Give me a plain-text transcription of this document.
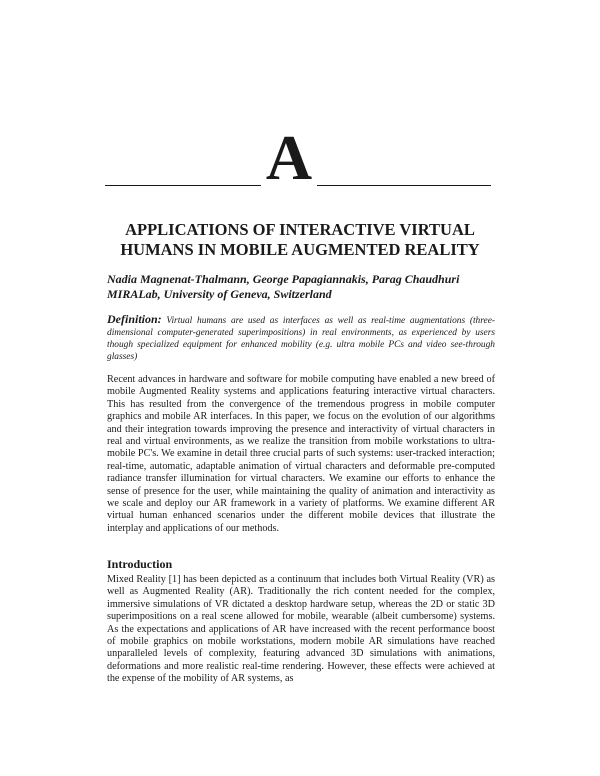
A
APPLICATIONS OF INTERACTIVE VIRTUAL
HUMANS IN MOBILE AUGMENTED REALITY
Nadia Magnenat-Thalmann, George Papagiannakis, Parag Chaudhuri
MIRALab, University of Geneva, Switzerland
Definition: Virtual humans are used as interfaces as well as real-time augmentations (three-dimensional computer-generated superimpositions) in real environments, as experienced by users though specialized equipment for enhanced mobility (e.g. ultra mobile PCs and video see-through glasses)
Recent advances in hardware and software for mobile computing have enabled a new breed of mobile Augmented Reality systems and applications featuring interactive virtual characters. This has resulted from the convergence of the tremendous progress in mobile computer graphics and mobile AR interfaces. In this paper, we focus on the evolution of our algorithms and their integration towards improving the presence and interactivity of virtual characters in real and virtual environments, as we realize the transition from mobile workstations to ultra-mobile PC's. We examine in detail three crucial parts of such systems: user-tracked interaction; real-time, automatic, adaptable animation of virtual characters and deformable pre-computed radiance transfer illumination for virtual characters. We examine our efforts to enhance the sense of presence for the user, while maintaining the quality of animation and interactivity as we scale and deploy our AR framework in a variety of platforms. We examine different AR virtual human enhanced scenarios under the different mobile devices that illustrate the interplay and applications of our methods.
Introduction
Mixed Reality [1] has been depicted as a continuum that includes both Virtual Reality (VR) as well as Augmented Reality (AR). Traditionally the rich content needed for the complex, immersive simulations of VR dictated a desktop hardware setup, whereas the 2D or static 3D superimpositions on a real scene allowed for mobile, wearable (albeit cumbersome) systems. As the expectations and applications of AR have increased with the recent performance boost of mobile graphics on mobile workstations, modern mobile AR simulations have reached unparalleled levels of complexity, featuring advanced 3D simulations with animations, deformations and more realistic real-time rendering. However, these effects were achieved at the expense of the mobility of AR systems, as
